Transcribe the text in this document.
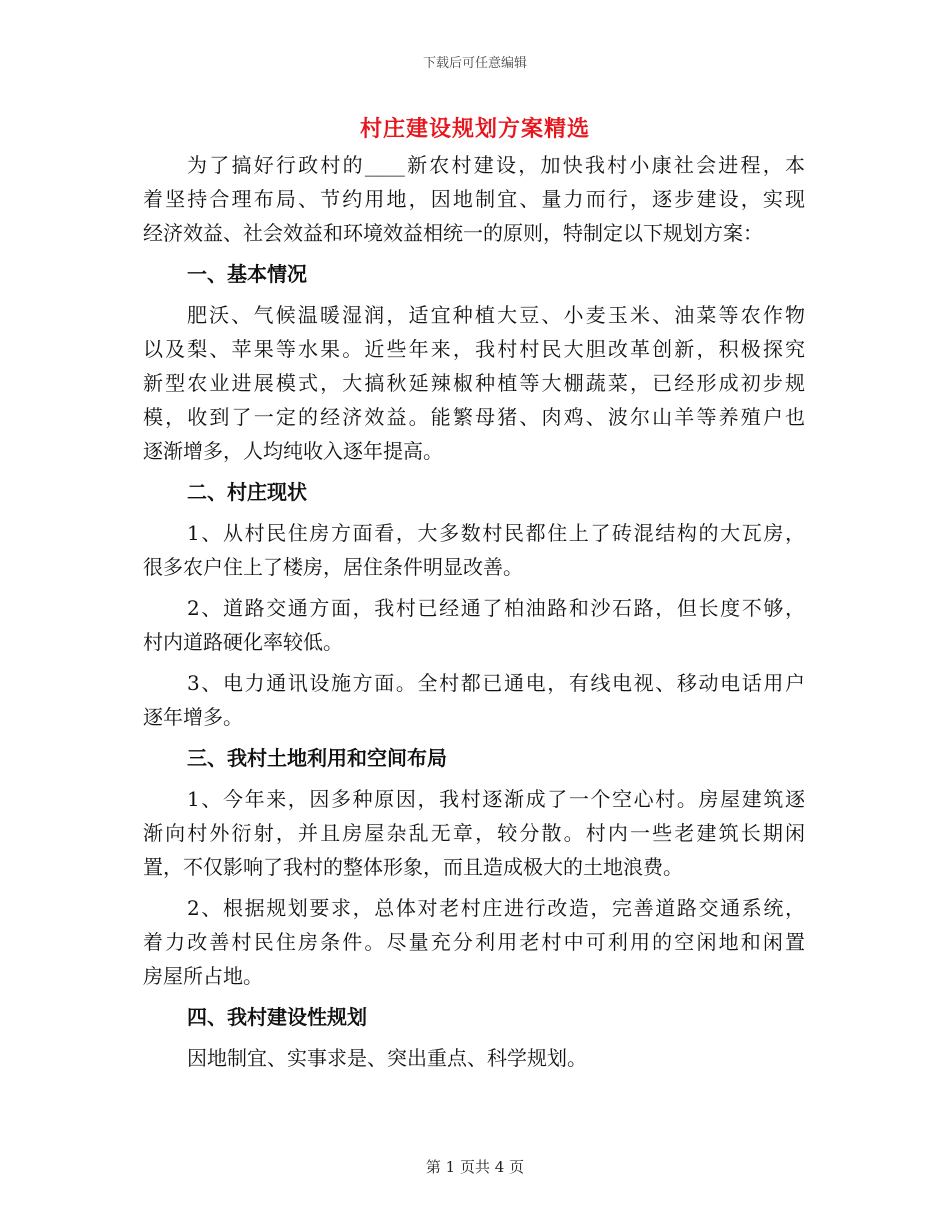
下载后可任意编辑
村庄建设规划方案精选
为了搞好行政村的____新农村建设，加快我村小康社会进程，本
着坚持合理布局、节约用地，因地制宜、量力而行，逐步建设，实现
经济效益、社会效益和环境效益相统一的原则，特制定以下规划方案：
一、基本情况
肥沃、气候温暖湿润，适宜种植大豆、小麦玉米、油菜等农作物
以及梨、苹果等水果。近些年来，我村村民大胆改革创新，积极探究
新型农业进展模式，大搞秋延辣椒种植等大棚蔬菜，已经形成初步规
模，收到了一定的经济效益。能繁母猪、肉鸡、波尔山羊等养殖户也
逐渐增多，人均纯收入逐年提高。
二、村庄现状
1、从村民住房方面看，大多数村民都住上了砖混结构的大瓦房，
很多农户住上了楼房，居住条件明显改善。
2、道路交通方面，我村已经通了柏油路和沙石路，但长度不够，
村内道路硬化率较低。
3、电力通讯设施方面。全村都已通电，有线电视、移动电话用户
逐年增多。
三、我村土地利用和空间布局
1、今年来，因多种原因，我村逐渐成了一个空心村。房屋建筑逐
渐向村外衍射，并且房屋杂乱无章，较分散。村内一些老建筑长期闲
置，不仅影响了我村的整体形象，而且造成极大的土地浪费。
2、根据规划要求，总体对老村庄进行改造，完善道路交通系统，
着力改善村民住房条件。尽量充分利用老村中可利用的空闲地和闲置
房屋所占地。
四、我村建设性规划
因地制宜、实事求是、突出重点、科学规划。
第 1 页共 4 页
